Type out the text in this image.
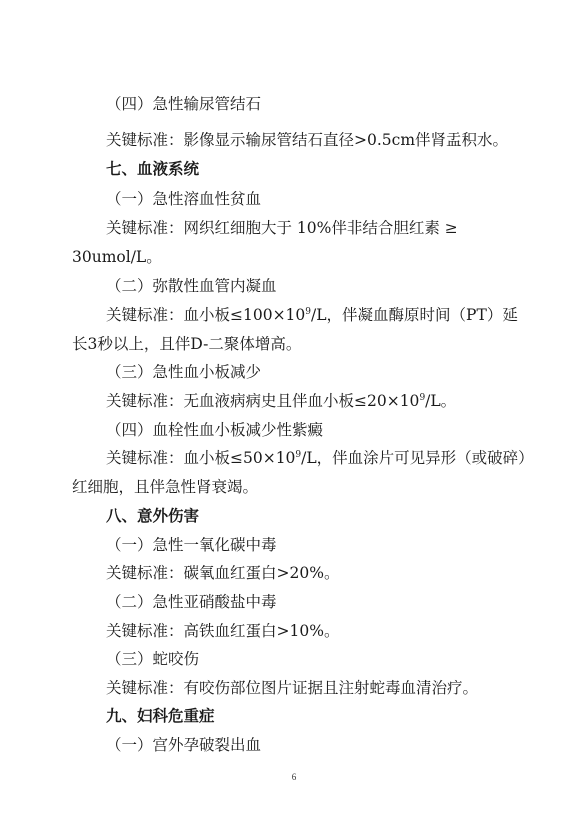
（四）急性输尿管结石
关键标准：影像显示输尿管结石直径>0.5cm伴肾盂积水。
七、血液系统
（一）急性溶血性贫血
关键标准：网织红细胞大于 10%伴非结合胆红素 ≥
30umol/L。
（二）弥散性血管内凝血
关键标准：血小板$\le 100\times 10^9/L$，伴凝血酶原时间（PT）延
长3秒以上，且伴D-二聚体增高。
（三）急性血小板减少
关键标准：无血液病病史且伴血小板$\le 20\times 10^9/L$。
（四）血栓性血小板减少性紫癜
关键标准：血小板$\le 50\times 10^9/L$，伴血涂片可见异形（或破碎）
红细胞，且伴急性肾衰竭。
八、意外伤害
（一）急性一氧化碳中毒
关键标准：碳氧血红蛋白>20%。
（二）急性亚硝酸盐中毒
关键标准：高铁血红蛋白>10%。
（三）蛇咬伤
关键标准：有咬伤部位图片证据且注射蛇毒血清治疗。
九、妇科危重症
（一）宫外孕破裂出血
6
